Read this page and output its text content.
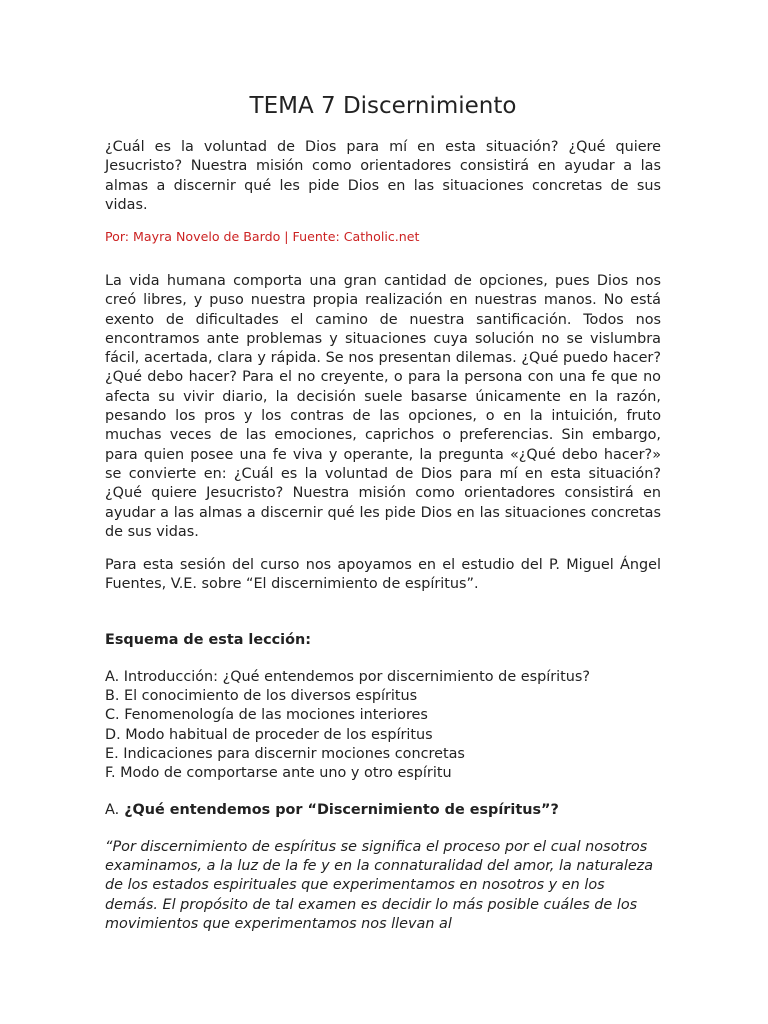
TEMA 7 Discernimiento

¿Cuál es la voluntad de Dios para mí en esta situación? ¿Qué quiere Jesucristo? Nuestra misión como orientadores consistirá en ayudar a las almas a discernir qué les pide Dios en las situaciones concretas de sus vidas.

Por: Mayra Novelo de Bardo | Fuente: Catholic.net

La vida humana comporta una gran cantidad de opciones, pues Dios nos creó libres, y puso nuestra propia realización en nuestras manos. No está exento de dificultades el camino de nuestra santificación. Todos nos encontramos ante problemas y situaciones cuya solución no se vislumbra fácil, acertada, clara y rápida. Se nos presentan dilemas. ¿Qué puedo hacer? ¿Qué debo hacer? Para el no creyente, o para la persona con una fe que no afecta su vivir diario, la decisión suele basarse únicamente en la razón, pesando los pros y los contras de las opciones, o en la intuición, fruto muchas veces de las emociones, caprichos o preferencias. Sin embargo, para quien posee una fe viva y operante, la pregunta «¿Qué debo hacer?» se convierte en: ¿Cuál es la voluntad de Dios para mí en esta situación? ¿Qué quiere Jesucristo? Nuestra misión como orientadores consistirá en ayudar a las almas a discernir qué les pide Dios en las situaciones concretas de sus vidas.

Para esta sesión del curso nos apoyamos en el estudio del P. Miguel Ángel Fuentes, V.E. sobre “El discernimiento de espíritus”.

Esquema de esta lección:

A. Introducción: ¿Qué entendemos por discernimiento de espíritus?
B. El conocimiento de los diversos espíritus
C. Fenomenología de las mociones interiores
D. Modo habitual de proceder de los espíritus
E. Indicaciones para discernir mociones concretas
F. Modo de comportarse ante uno y otro espíritu

A. ¿Qué entendemos por “Discernimiento de espíritus”?

“Por discernimiento de espíritus se significa el proceso por el cual nosotros examinamos, a la luz de la fe y en la connaturalidad del amor, la naturaleza de los estados espirituales que experimentamos en nosotros y en los demás. El propósito de tal examen es decidir lo más posible cuáles de los movimientos que experimentamos nos llevan al
